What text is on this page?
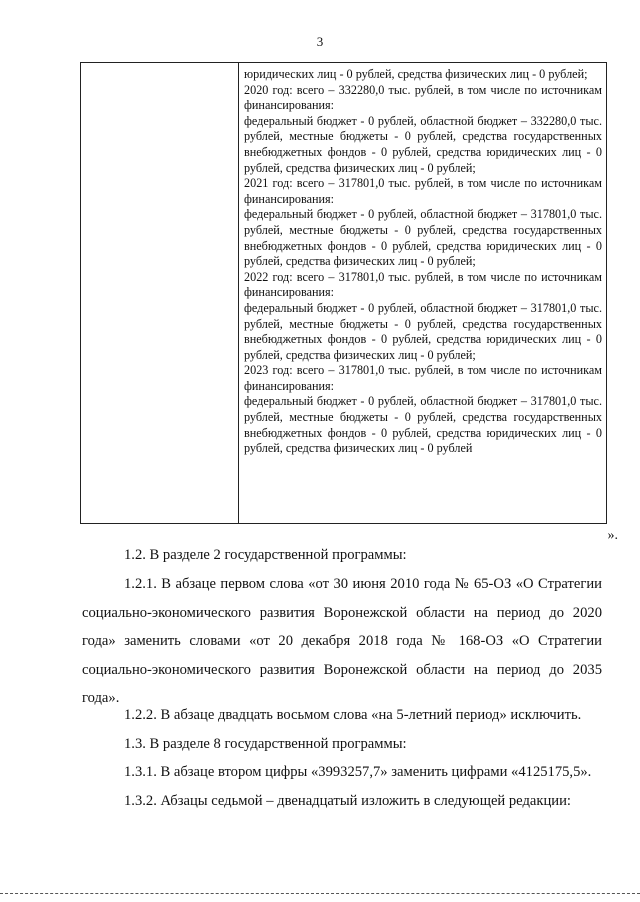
3

юридических лиц - 0 рублей, средства физических лиц - 0 рублей;
2020 год: всего – 332280,0 тыс. рублей, в том числе по источникам финансирования:
федеральный бюджет - 0 рублей, областной бюджет – 332280,0 тыс. рублей, местные бюджеты - 0 рублей, средства государственных внебюджетных фондов - 0 рублей, средства юридических лиц - 0 рублей, средства физических лиц - 0 рублей;
2021 год: всего – 317801,0 тыс. рублей, в том числе по источникам финансирования:
федеральный бюджет - 0 рублей, областной бюджет – 317801,0 тыс. рублей, местные бюджеты - 0 рублей, средства государственных внебюджетных фондов - 0 рублей, средства юридических лиц - 0 рублей, средства физических лиц - 0 рублей;
2022 год: всего – 317801,0 тыс. рублей, в том числе по источникам финансирования:
федеральный бюджет - 0 рублей, областной бюджет – 317801,0 тыс. рублей, местные бюджеты - 0 рублей, средства государственных внебюджетных фондов - 0 рублей, средства юридических лиц - 0 рублей, средства физических лиц - 0 рублей;
2023 год: всего – 317801,0 тыс. рублей, в том числе по источникам финансирования:
федеральный бюджет - 0 рублей, областной бюджет – 317801,0 тыс. рублей, местные бюджеты - 0 рублей, средства государственных внебюджетных фондов - 0 рублей, средства юридических лиц - 0 рублей, средства физических лиц - 0 рублей
».

1.2. В разделе 2 государственной программы:

1.2.1. В абзаце первом слова «от 30 июня 2010 года № 65-ОЗ «О Стратегии социально-экономического развития Воронежской области на период до 2020 года» заменить словами «от 20 декабря 2018 года № 168-ОЗ «О Стратегии социально-экономического развития Воронежской области на период до 2035 года».

1.2.2. В абзаце двадцать восьмом слова «на 5-летний период» исключить.

1.3. В разделе 8 государственной программы:

1.3.1. В абзаце втором цифры «3993257,7» заменить цифрами «4125175,5».

1.3.2. Абзацы седьмой – двенадцатый изложить в следующей редакции:
